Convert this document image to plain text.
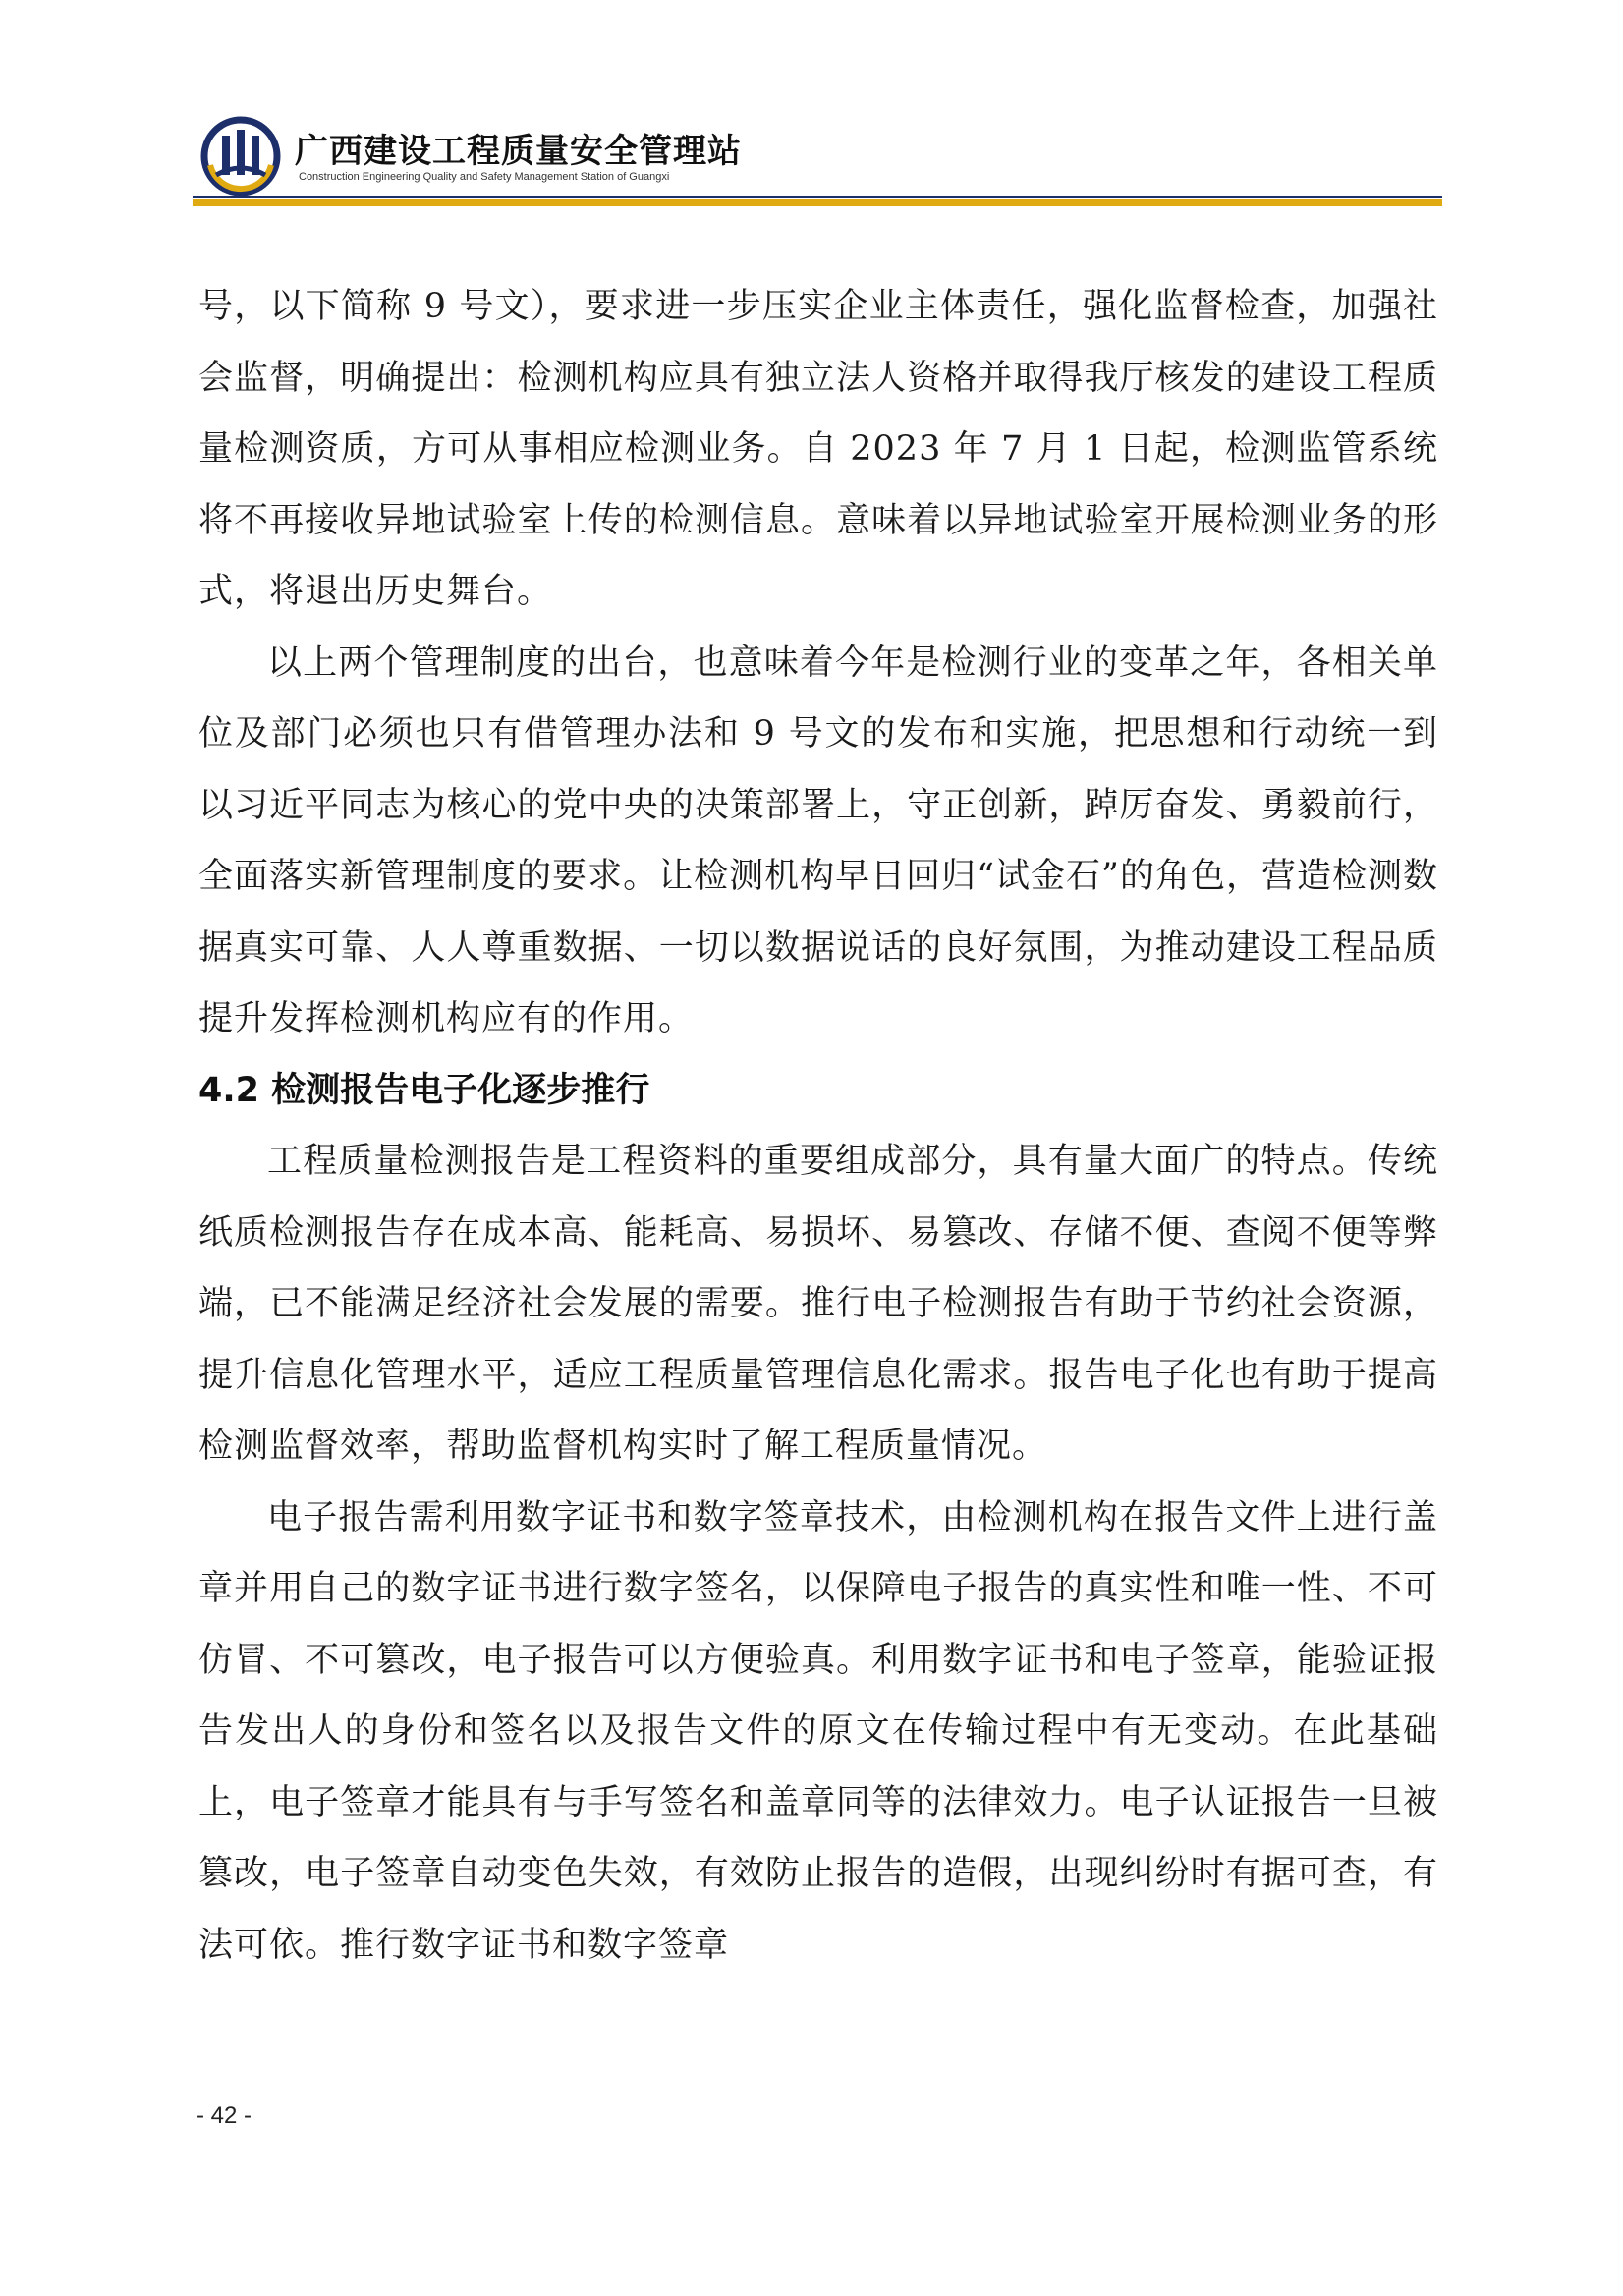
广西建设工程质量安全管理站
Construction Engineering Quality and Safety Management Station of Guangxi

号，以下简称 9 号文），要求进一步压实企业主体责任，强化监督检查，加强社会监督，明确提出：检测机构应具有独立法人资格并取得我厅核发的建设工程质量检测资质，方可从事相应检测业务。自 2023 年 7 月 1 日起，检测监管系统将不再接收异地试验室上传的检测信息。意味着以异地试验室开展检测业务的形式，将退出历史舞台。

以上两个管理制度的出台，也意味着今年是检测行业的变革之年，各相关单位及部门必须也只有借管理办法和 9 号文的发布和实施，把思想和行动统一到以习近平同志为核心的党中央的决策部署上，守正创新，踔厉奋发、勇毅前行，全面落实新管理制度的要求。让检测机构早日回归“试金石”的角色，营造检测数据真实可靠、人人尊重数据、一切以数据说话的良好氛围，为推动建设工程品质提升发挥检测机构应有的作用。

4.2 检测报告电子化逐步推行

工程质量检测报告是工程资料的重要组成部分，具有量大面广的特点。传统纸质检测报告存在成本高、能耗高、易损坏、易篡改、存储不便、查阅不便等弊端，已不能满足经济社会发展的需要。推行电子检测报告有助于节约社会资源，提升信息化管理水平，适应工程质量管理信息化需求。报告电子化也有助于提高检测监督效率，帮助监督机构实时了解工程质量情况。

电子报告需利用数字证书和数字签章技术，由检测机构在报告文件上进行盖章并用自己的数字证书进行数字签名，以保障电子报告的真实性和唯一性、不可仿冒、不可篡改，电子报告可以方便验真。利用数字证书和电子签章，能验证报告发出人的身份和签名以及报告文件的原文在传输过程中有无变动。在此基础上，电子签章才能具有与手写签名和盖章同等的法律效力。电子认证报告一旦被篡改，电子签章自动变色失效，有效防止报告的造假，出现纠纷时有据可查，有法可依。推行数字证书和数字签章

- 42 -
